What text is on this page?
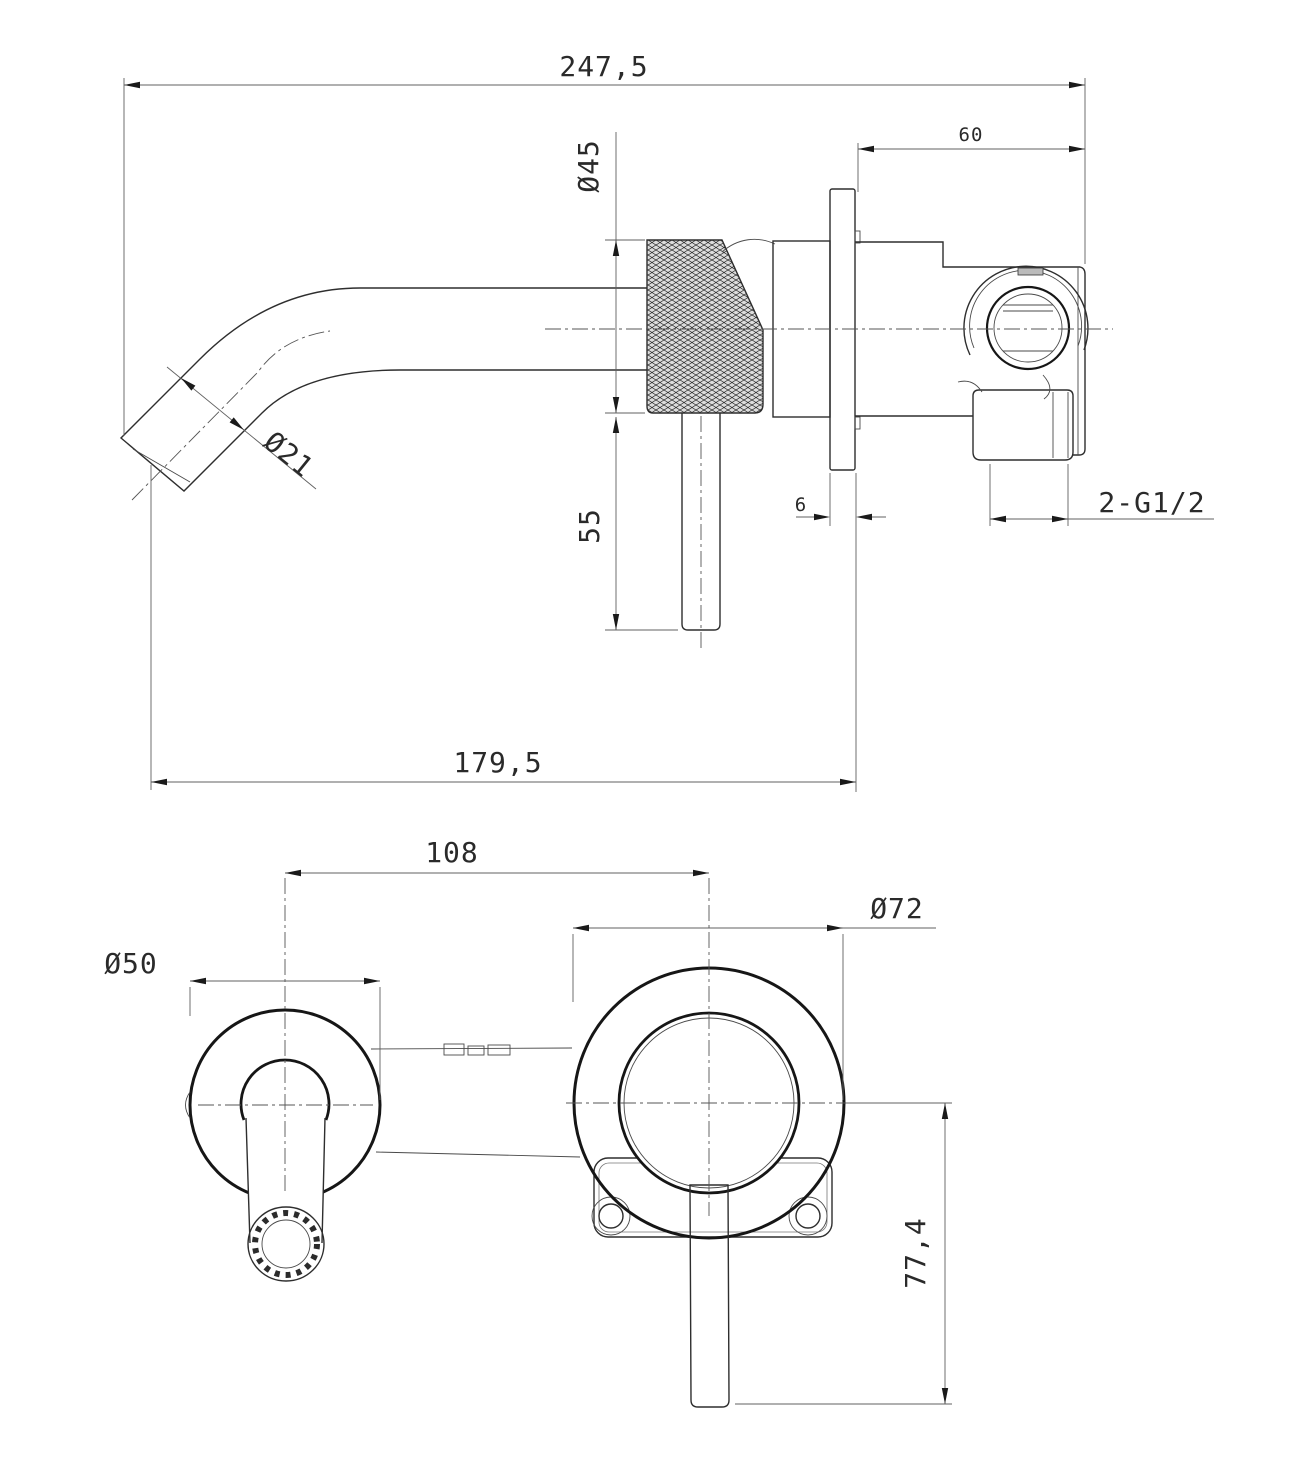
247,5
60
Ø45
Ø21
55
6	2-G1/2
179,5
108
Ø72
Ø50
77,4
